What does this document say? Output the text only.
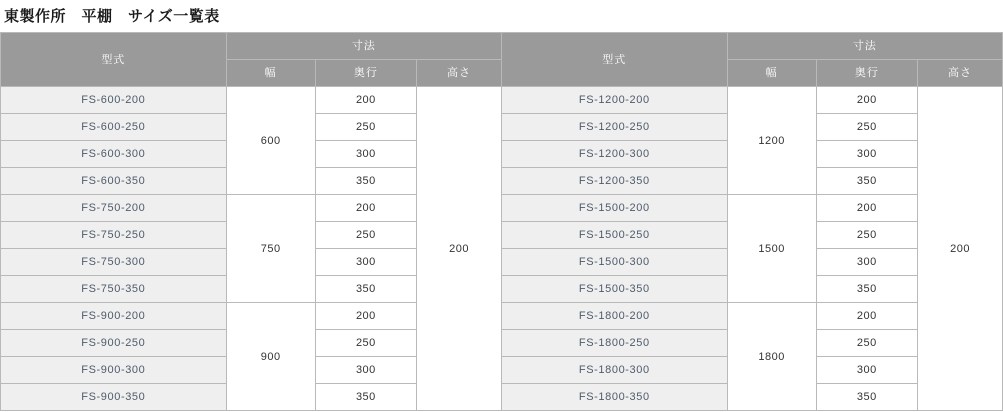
東製作所　平棚　サイズ一覧表
型式	寸法			型式	寸法		
	幅	奥行	高さ		幅	奥行	高さ
FS-600-200	600	200	200	FS-1200-200	1200	200	200
FS-600-250		250		FS-1200-250		250	
FS-600-300		300		FS-1200-300		300	
FS-600-350		350		FS-1200-350		350	
FS-750-200	750	200		FS-1500-200	1500	200	
FS-750-250		250		FS-1500-250		250	
FS-750-300		300		FS-1500-300		300	
FS-750-350		350		FS-1500-350		350	
FS-900-200	900	200		FS-1800-200	1800	200	
FS-900-250		250		FS-1800-250		250	
FS-900-300		300		FS-1800-300		300	
FS-900-350		350		FS-1800-350		350	
